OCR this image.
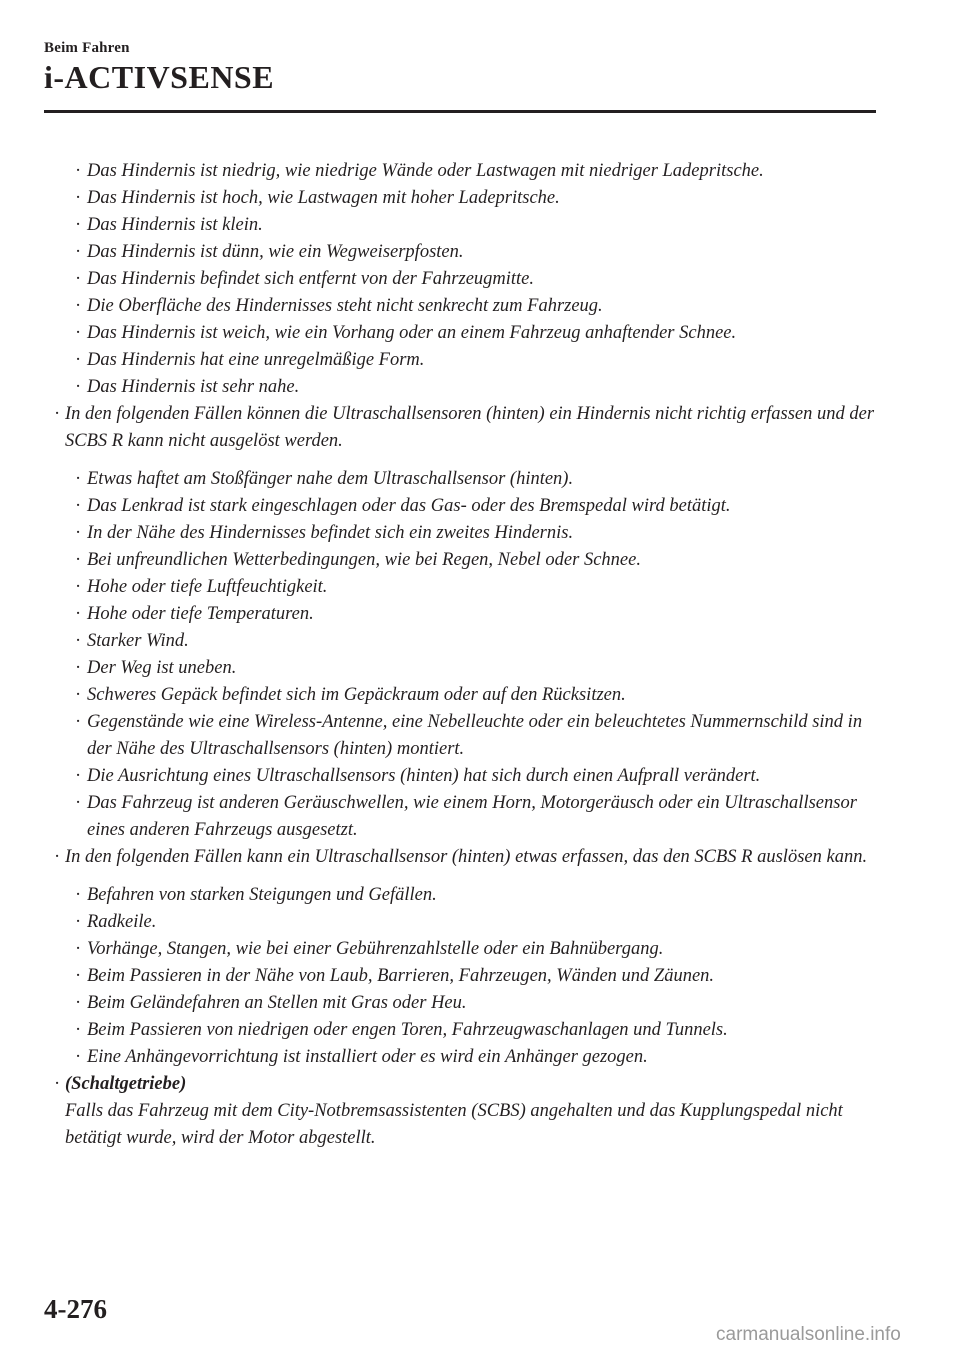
Beim Fahren
i-ACTIVSENSE
· Das Hindernis ist niedrig, wie niedrige Wände oder Lastwagen mit niedriger Ladepritsche.
· Das Hindernis ist hoch, wie Lastwagen mit hoher Ladepritsche.
· Das Hindernis ist klein.
· Das Hindernis ist dünn, wie ein Wegweiserpfosten.
· Das Hindernis befindet sich entfernt von der Fahrzeugmitte.
· Die Oberfläche des Hindernisses steht nicht senkrecht zum Fahrzeug.
· Das Hindernis ist weich, wie ein Vorhang oder an einem Fahrzeug anhaftender Schnee.
· Das Hindernis hat eine unregelmäßige Form.
· Das Hindernis ist sehr nahe.
· In den folgenden Fällen können die Ultraschallsensoren (hinten) ein Hindernis nicht richtig erfassen und der SCBS R kann nicht ausgelöst werden.
· Etwas haftet am Stoßfänger nahe dem Ultraschallsensor (hinten).
· Das Lenkrad ist stark eingeschlagen oder das Gas- oder des Bremspedal wird betätigt.
· In der Nähe des Hindernisses befindet sich ein zweites Hindernis.
· Bei unfreundlichen Wetterbedingungen, wie bei Regen, Nebel oder Schnee.
· Hohe oder tiefe Luftfeuchtigkeit.
· Hohe oder tiefe Temperaturen.
· Starker Wind.
· Der Weg ist uneben.
· Schweres Gepäck befindet sich im Gepäckraum oder auf den Rücksitzen.
· Gegenstände wie eine Wireless-Antenne, eine Nebelleuchte oder ein beleuchtetes Nummernschild sind in der Nähe des Ultraschallsensors (hinten) montiert.
· Die Ausrichtung eines Ultraschallsensors (hinten) hat sich durch einen Aufprall verändert.
· Das Fahrzeug ist anderen Geräuschwellen, wie einem Horn, Motorgeräusch oder ein Ultraschallsensor eines anderen Fahrzeugs ausgesetzt.
· In den folgenden Fällen kann ein Ultraschallsensor (hinten) etwas erfassen, das den SCBS R auslösen kann.
· Befahren von starken Steigungen und Gefällen.
· Radkeile.
· Vorhänge, Stangen, wie bei einer Gebührenzahlstelle oder ein Bahnübergang.
· Beim Passieren in der Nähe von Laub, Barrieren, Fahrzeugen, Wänden und Zäunen.
· Beim Geländefahren an Stellen mit Gras oder Heu.
· Beim Passieren von niedrigen oder engen Toren, Fahrzeugwaschanlagen und Tunnels.
· Eine Anhängevorrichtung ist installiert oder es wird ein Anhänger gezogen.
· (Schaltgetriebe)
Falls das Fahrzeug mit dem City-Notbremsassistenten (SCBS) angehalten und das Kupplungspedal nicht betätigt wurde, wird der Motor abgestellt.
4-276
carmanualsonline.info
